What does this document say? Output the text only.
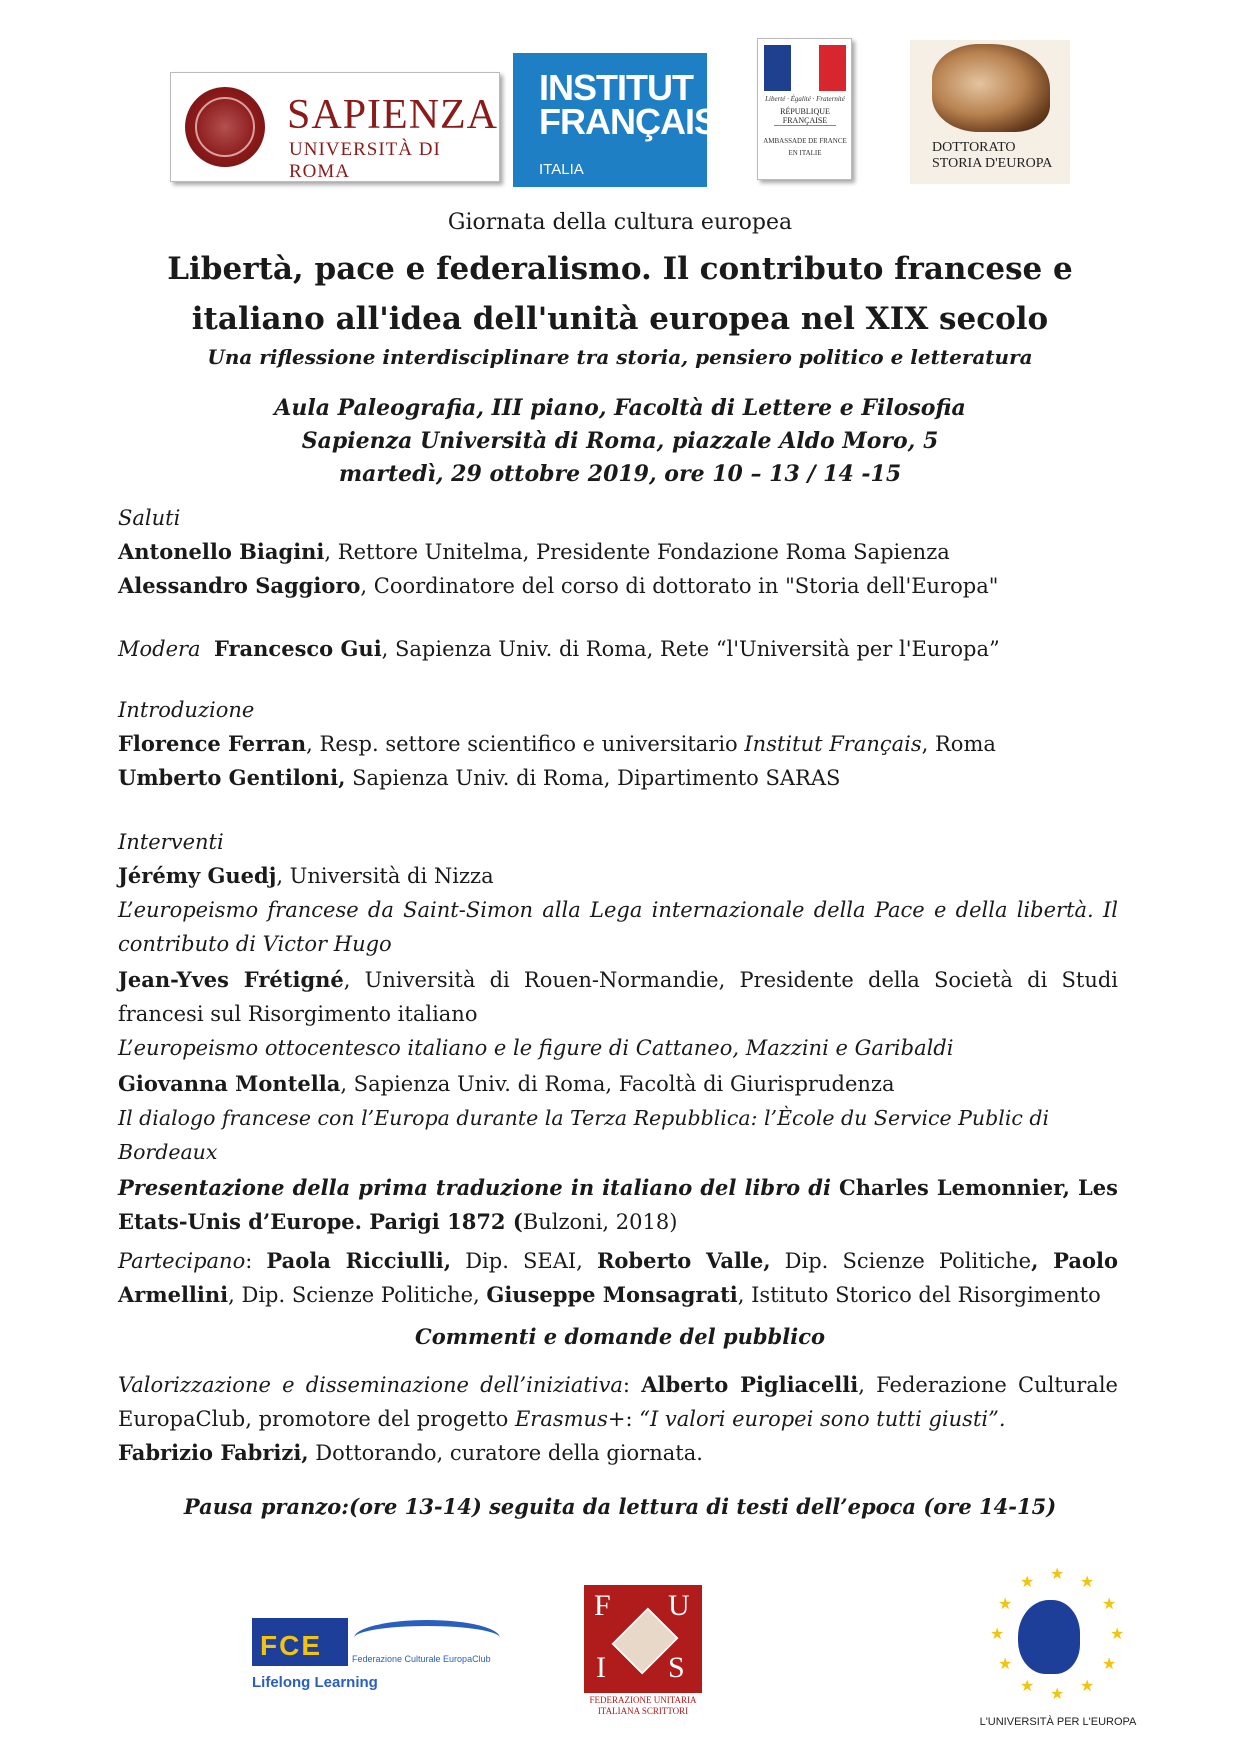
SAPIENZA
UNIVERSITÀ DI ROMA
INSTITUT
FRANÇAIS
ITALIA
Liberté · Égalité · Fraternité
RÉPUBLIQUE FRANÇAISE
AMBASSADE DE FRANCE
EN ITALIE	DOTTORATO
STORIA D'EUROPA
Giornata della cultura europea
Libertà, pace e federalismo. Il contributo francese e
italiano all'idea dell'unità europea nel XIX secolo
Una riflessione interdisciplinare tra storia, pensiero politico e letteratura
Aula Paleografia, III piano, Facoltà di Lettere e Filosofia
Sapienza Università di Roma, piazzale Aldo Moro, 5
martedì, 29 ottobre 2019, ore 10 – 13 / 14 -15

Saluti

Antonello Biagini, Rettore Unitelma, Presidente Fondazione Roma Sapienza

Alessandro Saggioro, Coordinatore del corso di dottorato in "Storia dell'Europa"

Modera Francesco Gui, Sapienza Univ. di Roma, Rete “l'Università per l'Europa”

Introduzione

Florence Ferran, Resp. settore scientifico e universitario Institut Français, Roma

Umberto Gentiloni, Sapienza Univ. di Roma, Dipartimento SARAS

Interventi

Jérémy Guedj, Università di Nizza

L’europeismo francese da Saint-Simon alla Lega internazionale della Pace e della libertà. Il contributo di Victor Hugo

Jean-Yves Frétigné, Università di Rouen-Normandie, Presidente della Società di Studi francesi sul Risorgimento italiano

L’europeismo ottocentesco italiano e le figure di Cattaneo, Mazzini e Garibaldi

Giovanna Montella, Sapienza Univ. di Roma, Facoltà di Giurisprudenza

Il dialogo francese con l’Europa durante la Terza Repubblica: l’Ècole du Service Public di Bordeaux

Presentazione della prima traduzione in italiano del libro di Charles Lemonnier, Les Etats-Unis d’Europe. Parigi 1872 (Bulzoni, 2018)

Partecipano: Paola Ricciulli, Dip. SEAI, Roberto Valle, Dip. Scienze Politiche, Paolo Armellini, Dip. Scienze Politiche, Giuseppe Monsagrati, Istituto Storico del Risorgimento

Commenti e domande del pubblico

Valorizzazione e disseminazione dell’iniziativa: Alberto Pigliacelli, Federazione Culturale EuropaClub, promotore del progetto Erasmus+: “I valori europei sono tutti giusti”.

Fabrizio Fabrizi, Dottorando, curatore della giornata.

Pausa pranzo:(ore 13-14) seguita da lettura di testi dell’epoca (ore 14-15)
FCE	Federazione Culturale EuropaClub
Lifelong Learning
F U
I S
FEDERAZIONE UNITARIA
ITALIANA SCRITTORI
★ ★
★
★
★
★
★
★
★
★
★
★
L'UNIVERSITÀ PER L'EUROPA
